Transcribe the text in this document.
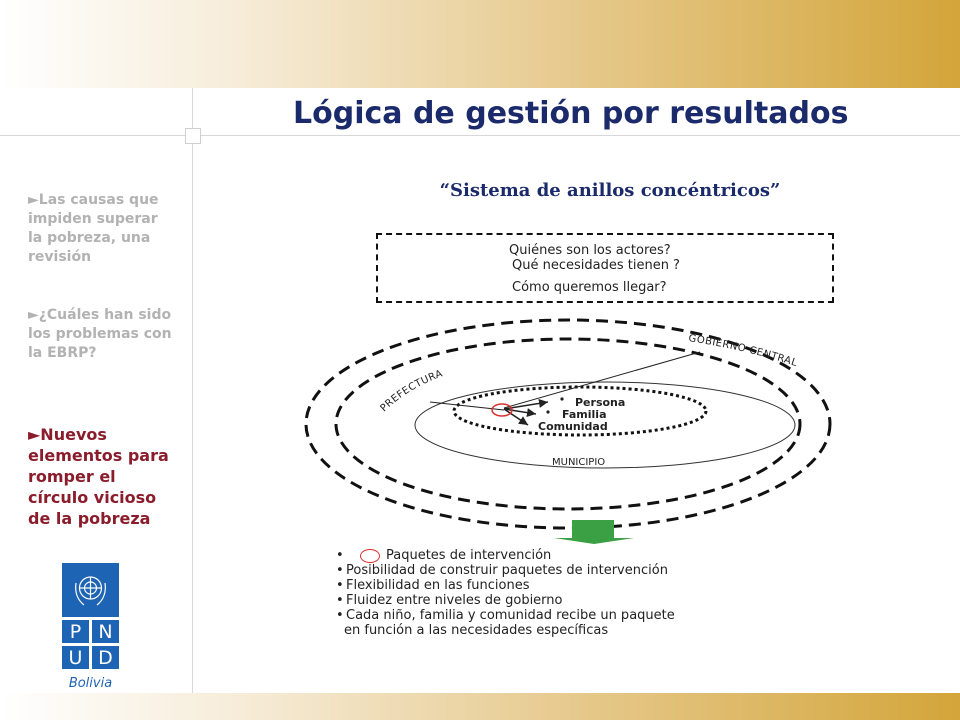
Lógica de gestión por resultados
►Las causas que impiden superar la pobreza, una revisión
►¿Cuáles han sido los problemas con la EBRP?
►Nuevos elementos para romper el círculo vicioso de la pobreza
“Sistema de anillos concéntricos”
Quiénes son los actores?
Qué necesidades tienen ?
Cómo queremos llegar?
GOBIERNO CENTRAL
PREFECTURA
MUNICIPIO
Persona
Familia
Comunidad
•	Paquetes de intervención
• Posibilidad de construir paquetes de intervención
• Flexibilidad en las funciones
• Fluidez entre niveles de gobierno
• Cada niño, familia y comunidad recibe un paquete
en función a las necesidades específicas
P N
U D
Bolivia
